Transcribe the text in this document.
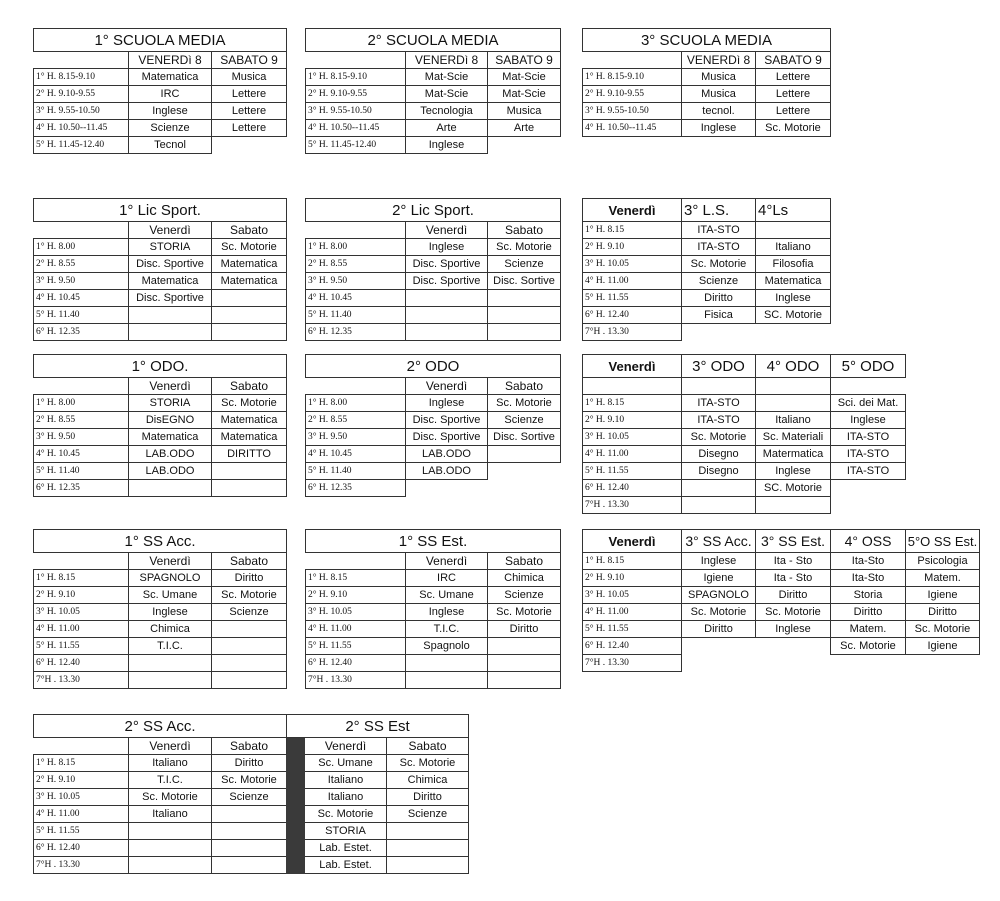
1° SCUOLA MEDIA		
	VENERDì 8	SABATO 9
1° H. 8.15-9.10	Matematica	Musica
2° H. 9.10-9.55	IRC	Lettere
3° H. 9.55-10.50	Inglese	Lettere
4° H. 10.50--11.45	Scienze	Lettere
5° H. 11.45-12.40	Tecnol	
2° SCUOLA MEDIA		
	VENERDì 8	SABATO 9
1° H. 8.15-9.10	Mat-Scie	Mat-Scie
2° H. 9.10-9.55	Mat-Scie	Mat-Scie
3° H. 9.55-10.50	Tecnologia	Musica
4° H. 10.50--11.45	Arte	Arte
5° H. 11.45-12.40	Inglese	
3° SCUOLA MEDIA		
	VENERDì 8	SABATO 9
1° H. 8.15-9.10	Musica	Lettere
2° H. 9.10-9.55	Musica	Lettere
3° H. 9.55-10.50	tecnol.	Lettere
4° H. 10.50--11.45	Inglese	Sc. Motorie
1° Lic Sport.		
	Venerdì	Sabato
1° H. 8.00	STORIA	Sc. Motorie
2° H. 8.55	Disc. Sportive	Matematica
3° H. 9.50	Matematica	Matematica
4° H. 10.45	Disc. Sportive	
5° H. 11.40		
6° H. 12.35		
2° Lic Sport.		
	Venerdì	Sabato
1° H. 8.00	Inglese	Sc. Motorie
2° H. 8.55	Disc. Sportive	Scienze
3° H. 9.50	Disc. Sportive	Disc. Sortive
4° H. 10.45		
5° H. 11.40		
6° H. 12.35		
Venerdì	3° L.S.	4°Ls
1° H. 8.15	ITA-STO	
2° H. 9.10	ITA-STO	Italiano
3° H. 10.05	Sc. Motorie	Filosofia
4° H. 11.00	Scienze	Matematica
5° H. 11.55	Diritto	Inglese
6° H. 12.40	Fisica	SC. Motorie
7°H . 13.30		
1° ODO.		
	Venerdì	Sabato
1° H. 8.00	STORIA	Sc. Motorie
2° H. 8.55	DisEGNO	Matematica
3° H. 9.50	Matematica	Matematica
4° H. 10.45	LAB.ODO	DIRITTO
5° H. 11.40	LAB.ODO	
6° H. 12.35		
2° ODO		
	Venerdì	Sabato
1° H. 8.00	Inglese	Sc. Motorie
2° H. 8.55	Disc. Sportive	Scienze
3° H. 9.50	Disc. Sportive	Disc. Sortive
4° H. 10.45	LAB.ODO	
5° H. 11.40	LAB.ODO	
6° H. 12.35		
Venerdì	3° ODO	4° ODO	5° ODO

1° H. 8.15	ITA-STO		Sci. dei Mat.
2° H. 9.10	ITA-STO	Italiano	Inglese
3° H. 10.05	Sc. Motorie	Sc. Materiali	ITA-STO
4° H. 11.00	Disegno	Matermatica	ITA-STO
5° H. 11.55	Disegno	Inglese	ITA-STO
6° H. 12.40		SC. Motorie	
7°H . 13.30			
1° SS Acc.		
	Venerdì	Sabato
1° H. 8.15	SPAGNOLO	Diritto
2° H. 9.10	Sc. Umane	Sc. Motorie
3° H. 10.05	Inglese	Scienze
4° H. 11.00	Chimica	
5° H. 11.55	T.I.C.	
6° H. 12.40		
7°H . 13.30		
1° SS Est.		
	Venerdì	Sabato
1° H. 8.15	IRC	Chimica
2° H. 9.10	Sc. Umane	Scienze
3° H. 10.05	Inglese	Sc. Motorie
4° H. 11.00	T.I.C.	Diritto
5° H. 11.55	Spagnolo	
6° H. 12.40		
7°H . 13.30		
Venerdì	3° SS Acc.	3° SS Est.	4° OSS	5°O SS Est.
1° H. 8.15	Inglese	Ita - Sto	Ita-Sto	Psicologia
2° H. 9.10	Igiene	Ita - Sto	Ita-Sto	Matem.
3° H. 10.05	SPAGNOLO	Diritto	Storia	Igiene
4° H. 11.00	Sc. Motorie	Sc. Motorie	Diritto	Diritto
5° H. 11.55	Diritto	Inglese	Matem.	Sc. Motorie
6° H. 12.40			Sc. Motorie	Igiene
7°H . 13.30				
2° SS Acc.			2° SS Est		
	Venerdì	Sabato		Venerdì	Sabato
1° H. 8.15	Italiano	Diritto		Sc. Umane	Sc. Motorie
2° H. 9.10	T.I.C.	Sc. Motorie		Italiano	Chimica
3° H. 10.05	Sc. Motorie	Scienze		Italiano	Diritto
4° H. 11.00	Italiano			Sc. Motorie	Scienze
5° H. 11.55				STORIA	
6° H. 12.40				Lab. Estet.	
7°H . 13.30				Lab. Estet.	
